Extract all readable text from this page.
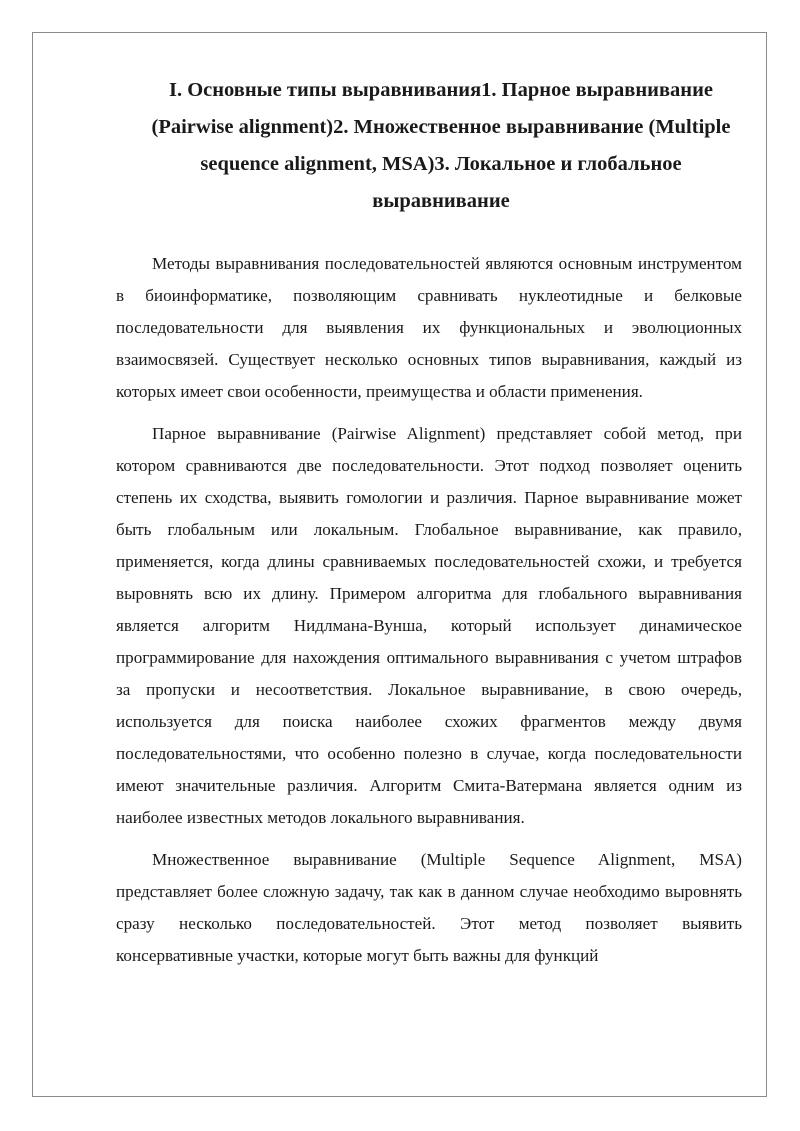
I. Основные типы выравнивания1. Парное выравнивание (Pairwise alignment)2. Множественное выравнивание (Multiple sequence alignment, MSA)3. Локальное и глобальное выравнивание

Методы выравнивания последовательностей являются основным инструментом в биоинформатике, позволяющим сравнивать нуклеотидные и белковые последовательности для выявления их функциональных и эволюционных взаимосвязей. Существует несколько основных типов выравнивания, каждый из которых имеет свои особенности, преимущества и области применения.

Парное выравнивание (Pairwise Alignment) представляет собой метод, при котором сравниваются две последовательности. Этот подход позволяет оценить степень их сходства, выявить гомологии и различия. Парное выравнивание может быть глобальным или локальным. Глобальное выравнивание, как правило, применяется, когда длины сравниваемых последовательностей схожи, и требуется выровнять всю их длину. Примером алгоритма для глобального выравнивания является алгоритм Нидлмана-Вунша, который использует динамическое программирование для нахождения оптимального выравнивания с учетом штрафов за пропуски и несоответствия. Локальное выравнивание, в свою очередь, используется для поиска наиболее схожих фрагментов между двумя последовательностями, что особенно полезно в случае, когда последовательности имеют значительные различия. Алгоритм Смита-Ватермана является одним из наиболее известных методов локального выравнивания.

Множественное выравнивание (Multiple Sequence Alignment, MSA) представляет более сложную задачу, так как в данном случае необходимо выровнять сразу несколько последовательностей. Этот метод позволяет выявить консервативные участки, которые могут быть важны для функций
